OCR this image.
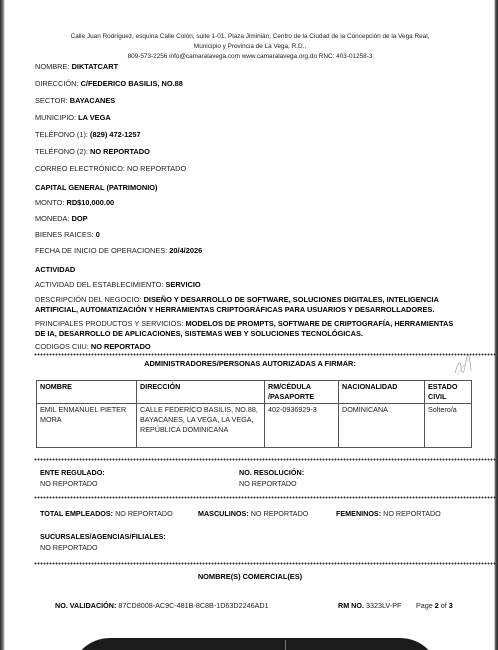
Calle Juan Rodríguez, esquina Calle Colón, suite 1-01, Plaza Jiminián, Centro de la Ciudad de la Concepción de la Vega Real,
Municipio y Provincia de La Vega, R.D.,
809-573-2256 info@camaralavega.com www.camaralavega.org.do RNC: 403-01258-3
NOMBRE: DIKTATCART
DIRECCIÓN: C/FEDERICO BASILIS, NO.88
SECTOR: BAYACANES
MUNICIPIO: LA VEGA
TELÉFONO (1): (829) 472-1257
TELÉFONO (2): NO REPORTADO
CORREO ELECTRÓNICO: NO REPORTADO
CAPITAL GENERAL (PATRIMONIO)
MONTO: RD$10,000.00
MONEDA: DOP
BIENES RAICES: 0
FECHA DE INICIO DE OPERACIONES: 20/4/2026
ACTIVIDAD
ACTIVIDAD DEL ESTABLECIMIENTO: SERVICIO
DESCRIPCIÓN DEL NEGOCIO: DISEÑO Y DESARROLLO DE SOFTWARE, SOLUCIONES DIGITALES, INTELIGENCIA ARTIFICIAL, AUTOMATIZACIÓN Y HERRAMIENTAS CRIPTOGRÁFICAS PARA USUARIOS Y DESARROLLADORES.
PRINCIPALES PRODUCTOS Y SERVICIOS: MODELOS DE PROMPTS, SOFTWARE DE CRIPTOGRAFÍA, HERRAMIENTAS DE IA, DESARROLLO DE APLICACIONES, SISTEMAS WEB Y SOLUCIONES TECNOLÓGICAS.
CODIGOS CIIU: NO REPORTADO
ADMINISTRADORES/PERSONAS AUTORIZADAS A FIRMAR:
NOMBRE	DIRECCIÓN	RM/CÉDULA /PASAPORTE	NACIONALIDAD	ESTADO CIVIL
EMIL ENMANUEL PIETER MORA	CALLE FEDERICO BASILIS, NO.88, BAYACANES, LA VEGA, LA VEGA, REPÚBLICA DOMINICANA	402-0936929-3	DOMINICANA	Soltero/a
ENTE REGULADO:
NO REPORTADO
NO. RESOLUCIÓN:
NO REPORTADO
TOTAL EMPLEADOS: NO REPORTADO	MASCULINOS: NO REPORTADO	FEMENINOS: NO REPORTADO
SUCURSALES/AGENCIAS/FILIALES:
NO REPORTADO
NOMBRE(S) COMERCIAL(ES)
NO. VALIDACIÓN: 87CD8008-AC9C-481B-8C8B-1D63D2246AD1	RM NO. 3323LV-PF Page 2 of 3
